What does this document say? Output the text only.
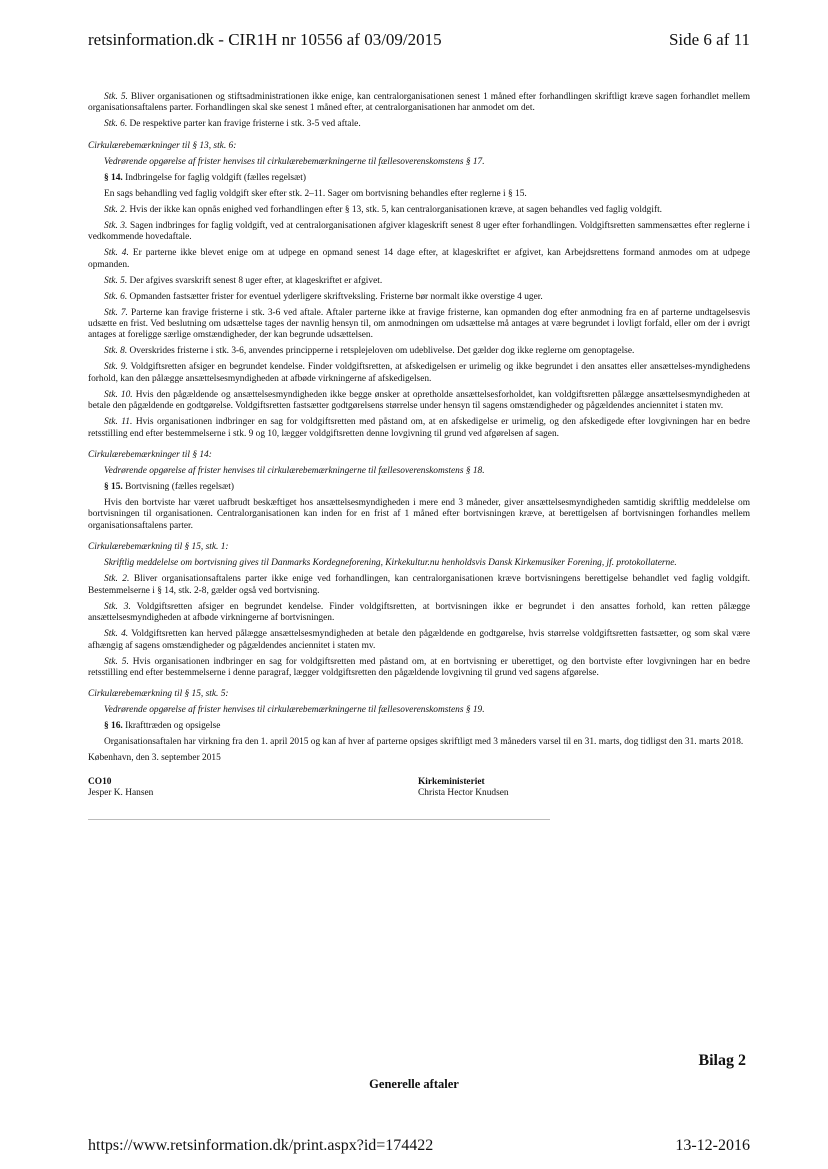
retsinformation.dk - CIR1H nr 10556 af 03/09/2015	Side 6 af 11

Stk. 5. Bliver organisationen og stiftsadministrationen ikke enige, kan centralorganisationen senest 1 måned efter forhandlingen skriftligt kræve sagen forhandlet mellem organisationsaftalens parter. Forhandlingen skal ske senest 1 måned efter, at centralorganisationen har anmodet om det.

Stk. 6. De respektive parter kan fravige fristerne i stk. 3-5 ved aftale.

Cirkulærebemærkninger til § 13, stk. 6:

Vedrørende opgørelse af frister henvises til cirkulærebemærkningerne til fællesoverenskomstens § 17.

§ 14. Indbringelse for faglig voldgift (fælles regelsæt)

En sags behandling ved faglig voldgift sker efter stk. 2–11. Sager om bortvisning behandles efter reglerne i § 15.

Stk. 2. Hvis der ikke kan opnås enighed ved forhandlingen efter § 13, stk. 5, kan centralorganisationen kræve, at sagen behandles ved faglig voldgift.

Stk. 3. Sagen indbringes for faglig voldgift, ved at centralorganisationen afgiver klageskrift senest 8 uger efter forhandlingen. Voldgiftsretten sammensættes efter reglerne i vedkommende hovedaftale.

Stk. 4. Er parterne ikke blevet enige om at udpege en opmand senest 14 dage efter, at klageskriftet er afgivet, kan Arbejdsrettens formand anmodes om at udpege opmanden.

Stk. 5. Der afgives svarskrift senest 8 uger efter, at klageskriftet er afgivet.

Stk. 6. Opmanden fastsætter frister for eventuel yderligere skriftveksling. Fristerne bør normalt ikke overstige 4 uger.

Stk. 7. Parterne kan fravige fristerne i stk. 3-6 ved aftale. Aftaler parterne ikke at fravige fristerne, kan opmanden dog efter anmodning fra en af parterne undtagelsesvis udsætte en frist. Ved beslutning om udsættelse tages der navnlig hensyn til, om anmodningen om udsættelse må antages at være begrundet i lovligt forfald, eller om der i øvrigt antages at foreligge særlige omstændigheder, der kan begrunde udsættelsen.

Stk. 8. Overskrides fristerne i stk. 3-6, anvendes principperne i retsplejeloven om udeblivelse. Det gælder dog ikke reglerne om genoptagelse.

Stk. 9. Voldgiftsretten afsiger en begrundet kendelse. Finder voldgiftsretten, at afskedigelsen er urimelig og ikke begrundet i den ansattes eller ansættelses-myndighedens forhold, kan den pålægge ansættelsesmyndigheden at afbøde virkningerne af afskedigelsen.

Stk. 10. Hvis den pågældende og ansættelsesmyndigheden ikke begge ønsker at opretholde ansættelsesforholdet, kan voldgiftsretten pålægge ansættelsesmyndigheden at betale den pågældende en godtgørelse. Voldgiftsretten fastsætter godtgørelsens størrelse under hensyn til sagens omstændigheder og pågældendes anciennitet i staten mv.

Stk. 11. Hvis organisationen indbringer en sag for voldgiftsretten med påstand om, at en afskedigelse er urimelig, og den afskedigede efter lovgivningen har en bedre retsstilling end efter bestemmelserne i stk. 9 og 10, lægger voldgiftsretten denne lovgivning til grund ved afgørelsen af sagen.

Cirkulærebemærkninger til § 14:

Vedrørende opgørelse af frister henvises til cirkulærebemærkningerne til fællesoverenskomstens § 18.

§ 15. Bortvisning (fælles regelsæt)

Hvis den bortviste har været uafbrudt beskæftiget hos ansættelsesmyndigheden i mere end 3 måneder, giver ansættelsesmyndigheden samtidig skriftlig meddelelse om bortvisningen til organisationen. Centralorganisationen kan inden for en frist af 1 måned efter bortvisningen kræve, at berettigelsen af bortvisningen forhandles mellem organisationsaftalens parter.

Cirkulærebemærkning til § 15, stk. 1:

Skriftlig meddelelse om bortvisning gives til Danmarks Kordegneforening, Kirkekultur.nu henholdsvis Dansk Kirkemusiker Forening, jf. protokollaterne.

Stk. 2. Bliver organisationsaftalens parter ikke enige ved forhandlingen, kan centralorganisationen kræve bortvisningens berettigelse behandlet ved faglig voldgift. Bestemmelserne i § 14, stk. 2-8, gælder også ved bortvisning.

Stk. 3. Voldgiftsretten afsiger en begrundet kendelse. Finder voldgiftsretten, at bortvisningen ikke er begrundet i den ansattes forhold, kan retten pålægge ansættelsesmyndigheden at afbøde virkningerne af bortvisningen.

Stk. 4. Voldgiftsretten kan herved pålægge ansættelsesmyndigheden at betale den pågældende en godtgørelse, hvis størrelse voldgiftsretten fastsætter, og som skal være afhængig af sagens omstændigheder og pågældendes anciennitet i staten mv.

Stk. 5. Hvis organisationen indbringer en sag for voldgiftsretten med påstand om, at en bortvisning er uberettiget, og den bortviste efter lovgivningen har en bedre retsstilling end efter bestemmelserne i denne paragraf, lægger voldgiftsretten den pågældende lovgivning til grund ved sagens afgørelse.

Cirkulærebemærkning til § 15, stk. 5:

Vedrørende opgørelse af frister henvises til cirkulærebemærkningerne til fællesoverenskomstens § 19.

§ 16. Ikrafttræden og opsigelse

Organisationsaftalen har virkning fra den 1. april 2015 og kan af hver af parterne opsiges skriftligt med 3 måneders varsel til en 31. marts, dog tidligst den 31. marts 2018.

København, den 3. september 2015

CO10
Jesper K. Hansen
Kirkeministeriet
Christa Hector Knudsen
Bilag 2
Generelle aftaler
https://www.retsinformation.dk/print.aspx?id=174422	13-12-2016
